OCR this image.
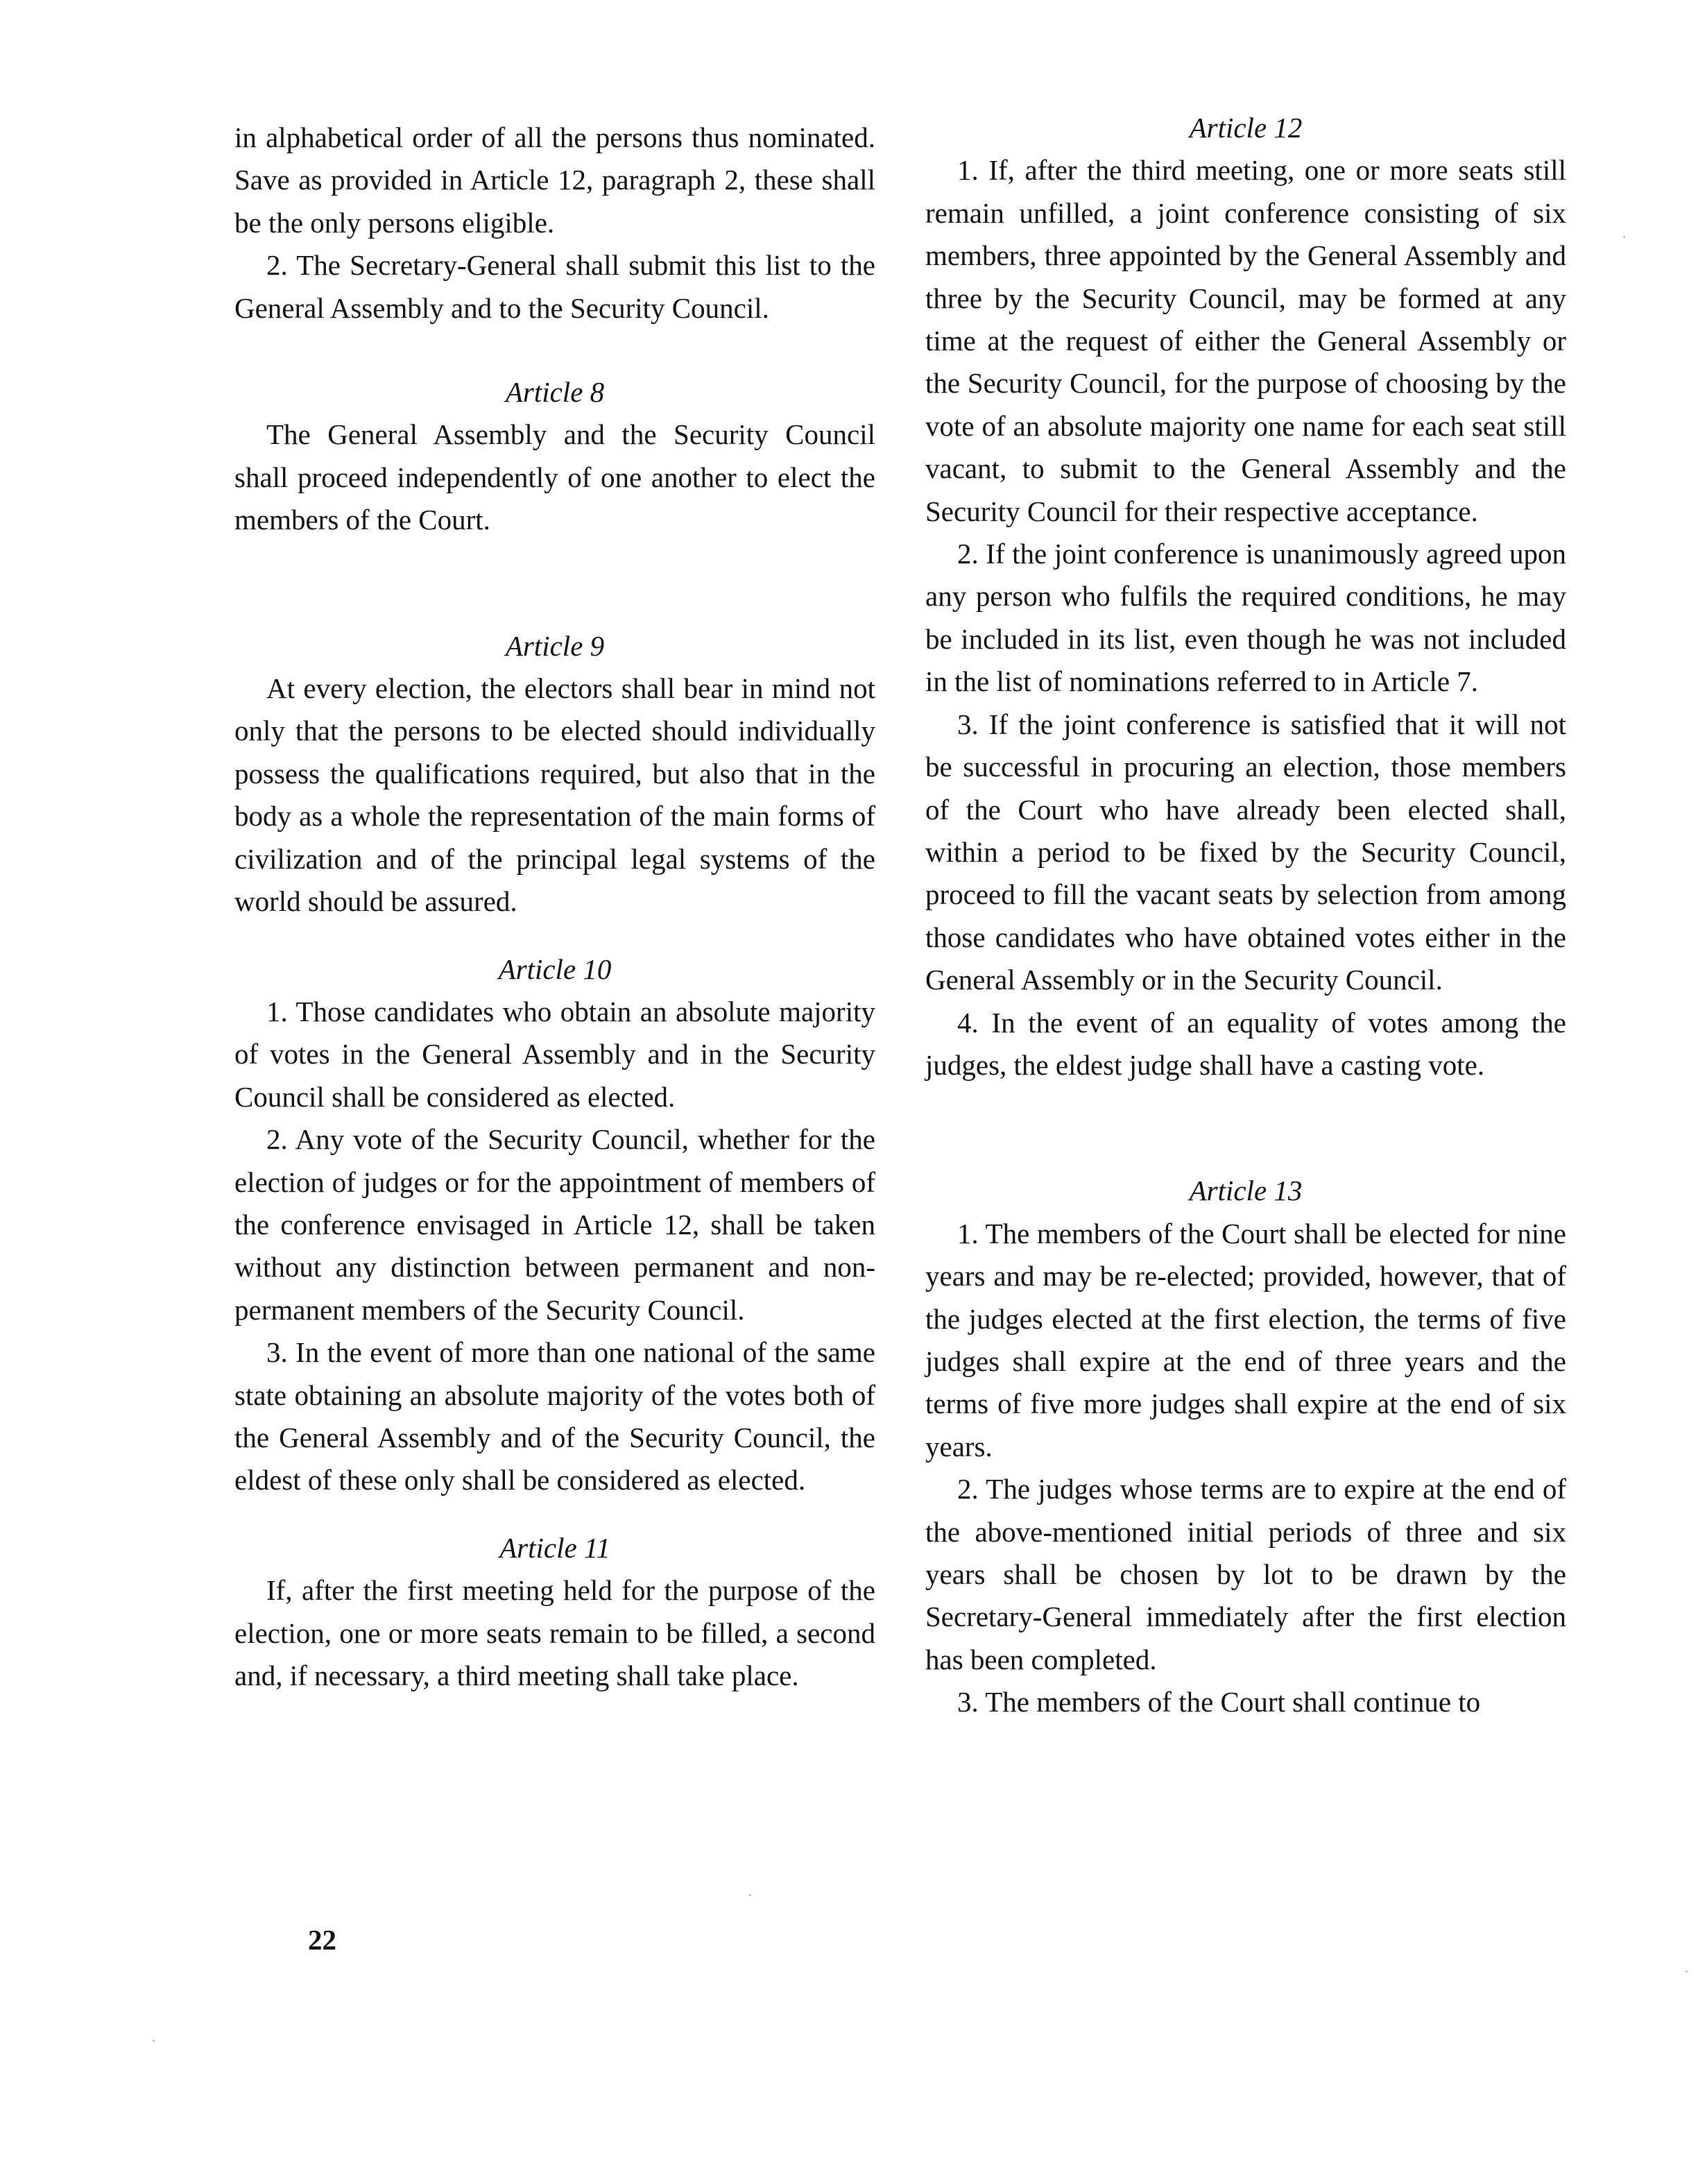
in alphabetical order of all the persons thus nominated. Save as provided in Article 12, paragraph 2, these shall be the only persons eligible.

2. The Secretary-General shall submit this list to the General Assembly and to the Security Council.

Article 8

The General Assembly and the Security Council shall proceed independently of one another to elect the members of the Court.

Article 9

At every election, the electors shall bear in mind not only that the persons to be elected should individually possess the qualifications required, but also that in the body as a whole the representation of the main forms of civilization and of the principal legal systems of the world should be assured.

Article 10

1. Those candidates who obtain an absolute majority of votes in the General Assembly and in the Security Council shall be considered as elected.

2. Any vote of the Security Council, whether for the election of judges or for the appointment of members of the conference envisaged in Article 12, shall be taken without any distinction between permanent and non-permanent members of the Security Council.

3. In the event of more than one national of the same state obtaining an absolute majority of the votes both of the General Assembly and of the Security Council, the eldest of these only shall be considered as elected.

Article 11

If, after the first meeting held for the purpose of the election, one or more seats remain to be filled, a second and, if necessary, a third meeting shall take place.

Article 12

1. If, after the third meeting, one or more seats still remain unfilled, a joint conference consisting of six members, three appointed by the General Assembly and three by the Security Council, may be formed at any time at the request of either the General Assembly or the Security Council, for the purpose of choosing by the vote of an absolute majority one name for each seat still vacant, to submit to the General Assembly and the Security Council for their respective acceptance.

2. If the joint conference is unanimously agreed upon any person who fulfils the required conditions, he may be included in its list, even though he was not included in the list of nominations referred to in Article 7.

3. If the joint conference is satisfied that it will not be successful in procuring an election, those members of the Court who have already been elected shall, within a period to be fixed by the Security Council, proceed to fill the vacant seats by selection from among those candidates who have obtained votes either in the General Assembly or in the Security Council.

4. In the event of an equality of votes among the judges, the eldest judge shall have a casting vote.

Article 13

1. The members of the Court shall be elected for nine years and may be re-elected; provided, however, that of the judges elected at the first election, the terms of five judges shall expire at the end of three years and the terms of five more judges shall expire at the end of six years.

2. The judges whose terms are to expire at the end of the above-mentioned initial periods of three and six years shall be chosen by lot to be drawn by the Secretary-General immediately after the first election has been completed.

3. The members of the Court shall continue to

22
